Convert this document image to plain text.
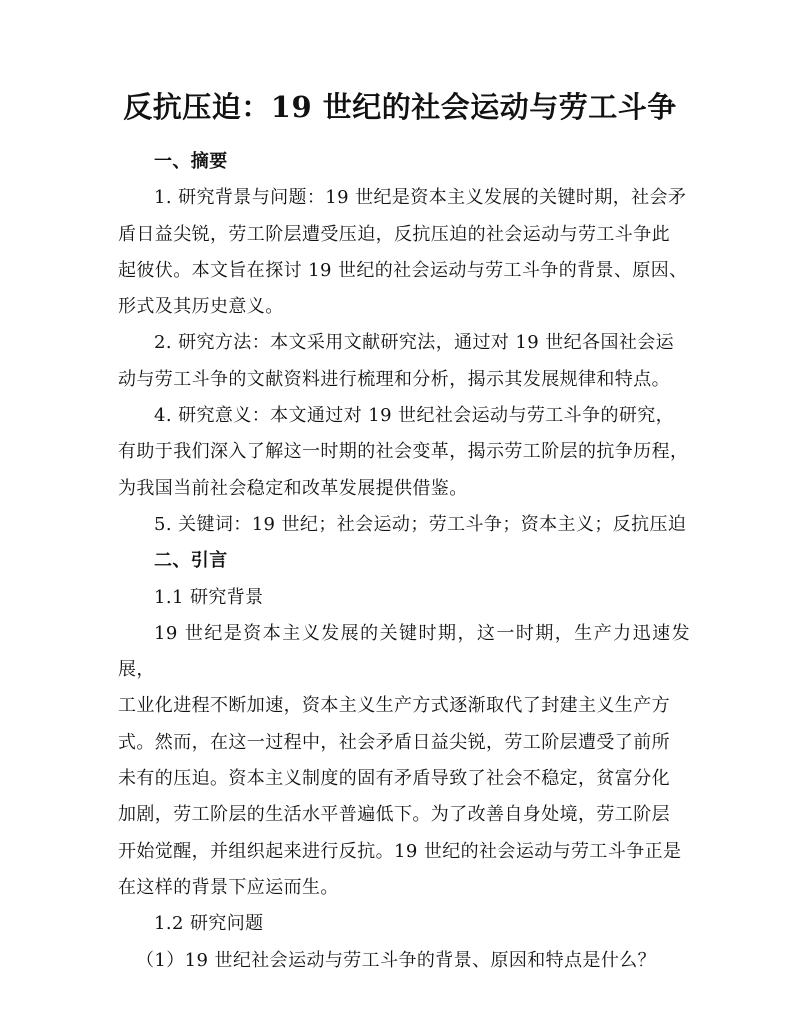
反抗压迫：19 世纪的社会运动与劳工斗争

一、摘要

1. 研究背景与问题：19 世纪是资本主义发展的关键时期，社会矛
盾日益尖锐，劳工阶层遭受压迫，反抗压迫的社会运动与劳工斗争此
起彼伏。本文旨在探讨 19 世纪的社会运动与劳工斗争的背景、原因、
形式及其历史意义。

2. 研究方法：本文采用文献研究法，通过对 19 世纪各国社会运
动与劳工斗争的文献资料进行梳理和分析，揭示其发展规律和特点。

4. 研究意义：本文通过对 19 世纪社会运动与劳工斗争的研究，
有助于我们深入了解这一时期的社会变革，揭示劳工阶层的抗争历程，
为我国当前社会稳定和改革发展提供借鉴。

5. 关键词：19 世纪；社会运动；劳工斗争；资本主义；反抗压迫

二、引言

1.1 研究背景

19 世纪是资本主义发展的关键时期，这一时期，生产力迅速发展，
工业化进程不断加速，资本主义生产方式逐渐取代了封建主义生产方
式。然而，在这一过程中，社会矛盾日益尖锐，劳工阶层遭受了前所
未有的压迫。资本主义制度的固有矛盾导致了社会不稳定，贫富分化
加剧，劳工阶层的生活水平普遍低下。为了改善自身处境，劳工阶层
开始觉醒，并组织起来进行反抗。19 世纪的社会运动与劳工斗争正是
在这样的背景下应运而生。

1.2 研究问题

（1）19 世纪社会运动与劳工斗争的背景、原因和特点是什么？
